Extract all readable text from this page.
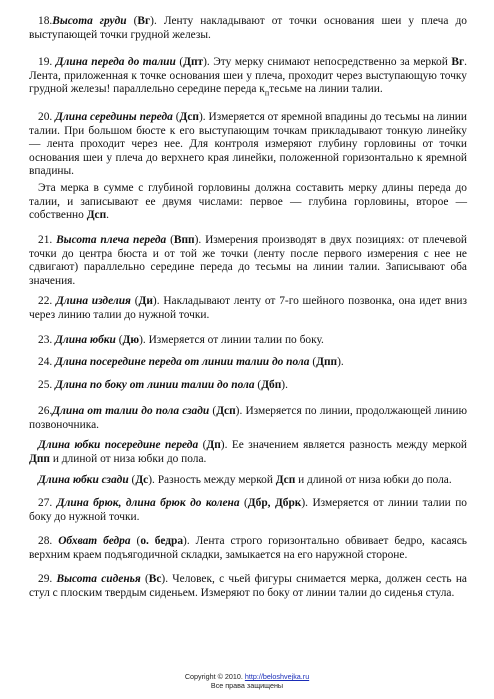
18.Высота груди (Вг). Ленту накладывают от точки основания шеи у плеча до выступающей точки грудной железы.

19. Длина переда до талии (Дпт). Эту мерку снимают непосредственно за меркой Вг. Лента, приложенная к точке основания шеи у плеча, проходит через выступающую точку грудной железы! параллельно середине переда $к_птесьме$ на линии талии.

20. Длина середины переда (Дсп). Измеряется от яремной впадины до тесьмы на линии талии. При большом бюсте к его выступающим точкам прикладывают тонкую линейку — лента проходит через нее. Для контроля измеряют глубину горловины от точки основания шеи у плеча до верхнего края линейки, положенной горизонтально к яремной впадины.

Эта мерка в сумме с глубиной горловины должна составить мерку длины переда до талии, и записывают ее двумя числами: первое — глубина горловины, второе — собственно Дсп.

21. Высота плеча переда (Впп). Измерения производят в двух позициях: от плечевой точки до центра бюста и от той же точки (ленту после первого измерения с нее не сдвигают) параллельно середине переда до тесьмы на линии талии. Записывают оба значения.

22. Длина изделия (Ди). Накладывают ленту от 7-го шейного позвонка, она идет вниз через линию талии до нужной точки.

23. Длина юбки (Дю). Измеряется от линии талии по боку.

24. Длина посередине переда от линии талии до пола (Дпп).

25. Длина по боку от линии талии до пола (Дбп).

26.Длина от талии до пола сзади (Дсп). Измеряется по линии, продолжающей линию позвоночника.

Длина юбки посередине переда (Дп). Ее значением является разность между меркой Дпп и длиной от низа юбки до пола.

Длина юбки сзади (Дс). Разность между меркой Дсп и длиной от низа юбки до пола.

27. Длина брюк, длина брюк до колена (Дбр, Дбрк). Измеряется от линии талии по боку до нужной точки.

28. Обхват бедра (о. бедра). Лента строго горизонтально обвивает бедро, касаясь верхним краем подъягодичной складки, замыкается на его наружной стороне.

29. Высота сиденья (Вс). Человек, с чьей фигуры снимается мерка, должен сесть на стул с плоским твердым сиденьем. Измеряют по боку от линии талии до сиденья стула.

Copyright © 2010. http://beloshvejka.ru
Все права защищены
